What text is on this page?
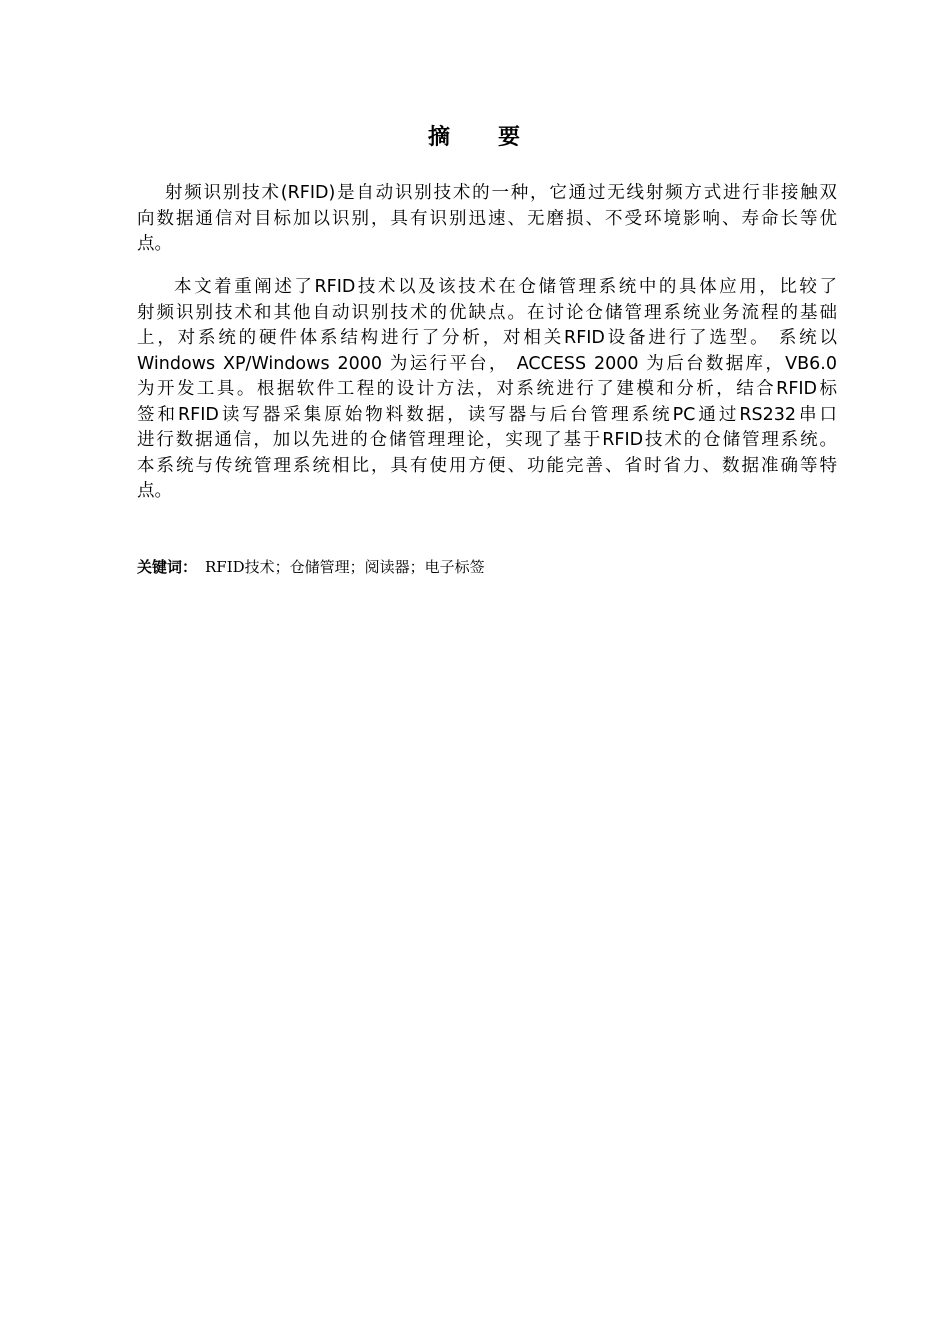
摘 要
射频识别技术(RFID)是自动识别技术的一种，它通过无线射频方式进行非接触双
向数据通信对目标加以识别，具有识别迅速、无磨损、不受环境影响、寿命长等优
点。
本文着重阐述了RFID技术以及该技术在仓储管理系统中的具体应用，比较了
射频识别技术和其他自动识别技术的优缺点。在讨论仓储管理系统业务流程的基础
上，对系统的硬件体系结构进行了分析，对相关RFID设备进行了选型。 系统以
Windows XP/Windows 2000 为运行平台， ACCESS 2000 为后台数据库，VB6.0
为开发工具。根据软件工程的设计方法，对系统进行了建模和分析，结合RFID标
签和RFID读写器采集原始物料数据，读写器与后台管理系统PC通过RS232串口
进行数据通信，加以先进的仓储管理理论，实现了基于RFID技术的仓储管理系统。
本系统与传统管理系统相比，具有使用方便、功能完善、省时省力、数据准确等特
点。
关键词： RFID技术；仓储管理；阅读器；电子标签
